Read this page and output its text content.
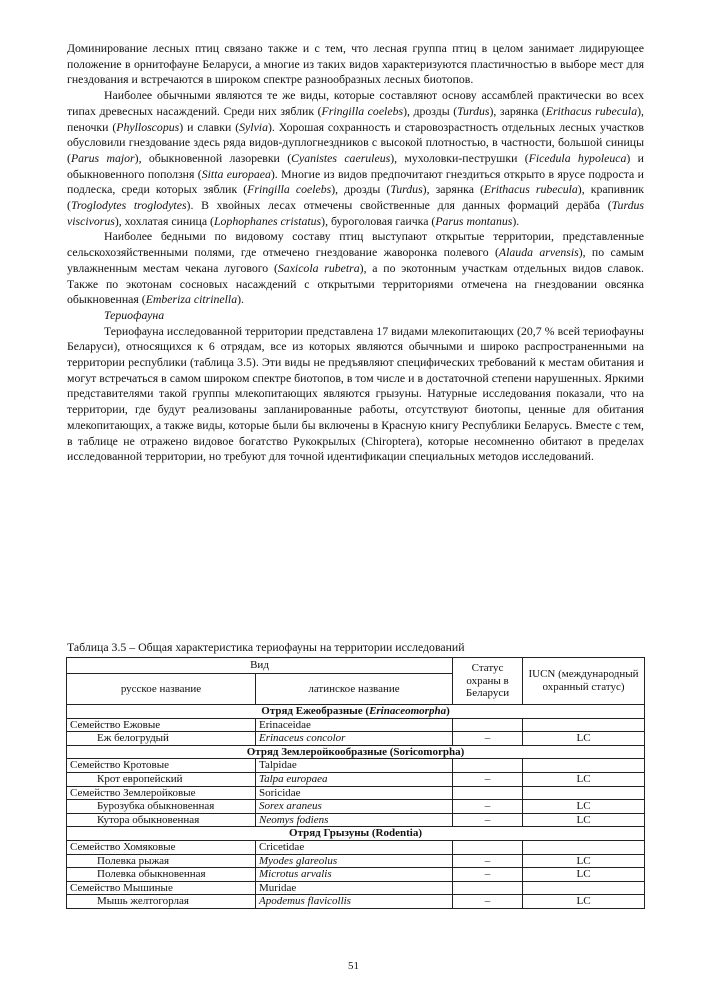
Доминирование лесных птиц связано также и с тем, что лесная группа птиц в целом занимает лидирующее положение в орнитофауне Беларуси, а многие из таких видов характеризуются пластичностью в выборе мест для гнездования и встречаются в широком спектре разнообразных лесных биотопов.

Наиболее обычными являются те же виды, которые составляют основу ассамблей практически во всех типах древесных насаждений. Среди них зяблик (Fringilla coelebs), дрозды (Turdus), зарянка (Erithacus rubecula), пеночки (Phylloscopus) и славки (Sylvia). Хорошая сохранность и старовозрастность отдельных лесных участков обусловили гнездование здесь ряда видов-дуплогнездников с высокой плотностью, в частности, большой синицы (Parus major), обыкновенной лазоревки (Cyanistes caeruleus), мухоловки-пеструшки (Ficedula hypoleuca) и обыкновенного поползня (Sitta europaea). Многие из видов предпочитают гнездиться открыто в ярусе подроста и подлеска, среди которых зяблик (Fringilla coelebs), дрозды (Turdus), зарянка (Erithacus rubecula), крапивник (Troglodytes troglodytes). В хвойных лесах отмечены свойственные для данных формаций дерäба (Turdus viscivorus), хохлатая синица (Lophophanes cristatus), буроголовая гаичка (Parus montanus).

Наиболее бедными по видовому составу птиц выступают открытые территории, представленные сельскохозяйственными полями, где отмечено гнездование жаворонка полевого (Alauda arvensis), по самым увлажненным местам чекана лугового (Saxicola rubetra), а по экотонным участкам отдельных видов славок. Также по экотонам сосновых насаждений с открытыми территориями отмечена на гнездовании овсянка обыкновенная (Emberiza citrinella).

Териофауна

Териофауна исследованной территории представлена 17 видами млекопитающих (20,7 % всей териофауны Беларуси), относящихся к 6 отрядам, все из которых являются обычными и широко распространенными на территории республики (таблица 3.5). Эти виды не предъявляют специфических требований к местам обитания и могут встречаться в самом широком спектре биотопов, в том числе и в достаточной степени нарушенных. Яркими представителями такой группы млекопитающих являются грызуны. Натурные исследования показали, что на территории, где будут реализованы запланированные работы, отсутствуют биотопы, ценные для обитания млекопитающих, а также виды, которые были бы включены в Красную книгу Республики Беларусь. Вместе с тем, в таблице не отражено видовое богатство Рукокрылых (Chiroptera), которые несомненно обитают в пределах исследованной территории, но требуют для точной идентификации специальных методов исследований.

Таблица 3.5 – Общая характеристика териофауны на территории исследований
Вид		Статус охраны в Беларуси	IUCN (международный охранный статус)
русское название	латинское название		
Отряд Ежеобразные (Erinaceomorpha)			
Семейство Ежовые	Erinaceidae		
Еж белогрудый	Erinaceus concolor	–	LC
Отряд Землеройкообразные (Soricomorpha)			
Семейство Кротовые	Talpidae		
Крот европейский	Talpa europaea	–	LC
Семейство Землеройковые	Soricidae		
Бурозубка обыкновенная	Sorex araneus	–	LC
Кутора обыкновенная	Neomys fodiens	–	LC
Отряд Грызуны (Rodentia)			
Семейство Хомяковые	Cricetidae		
Полевка рыжая	Myodes glareolus	–	LC
Полевка обыкновенная	Microtus arvalis	–	LC
Семейство Мышиные	Muridae		
Мышь желтогорлая	Apodemus flavicollis	–	LC
51
